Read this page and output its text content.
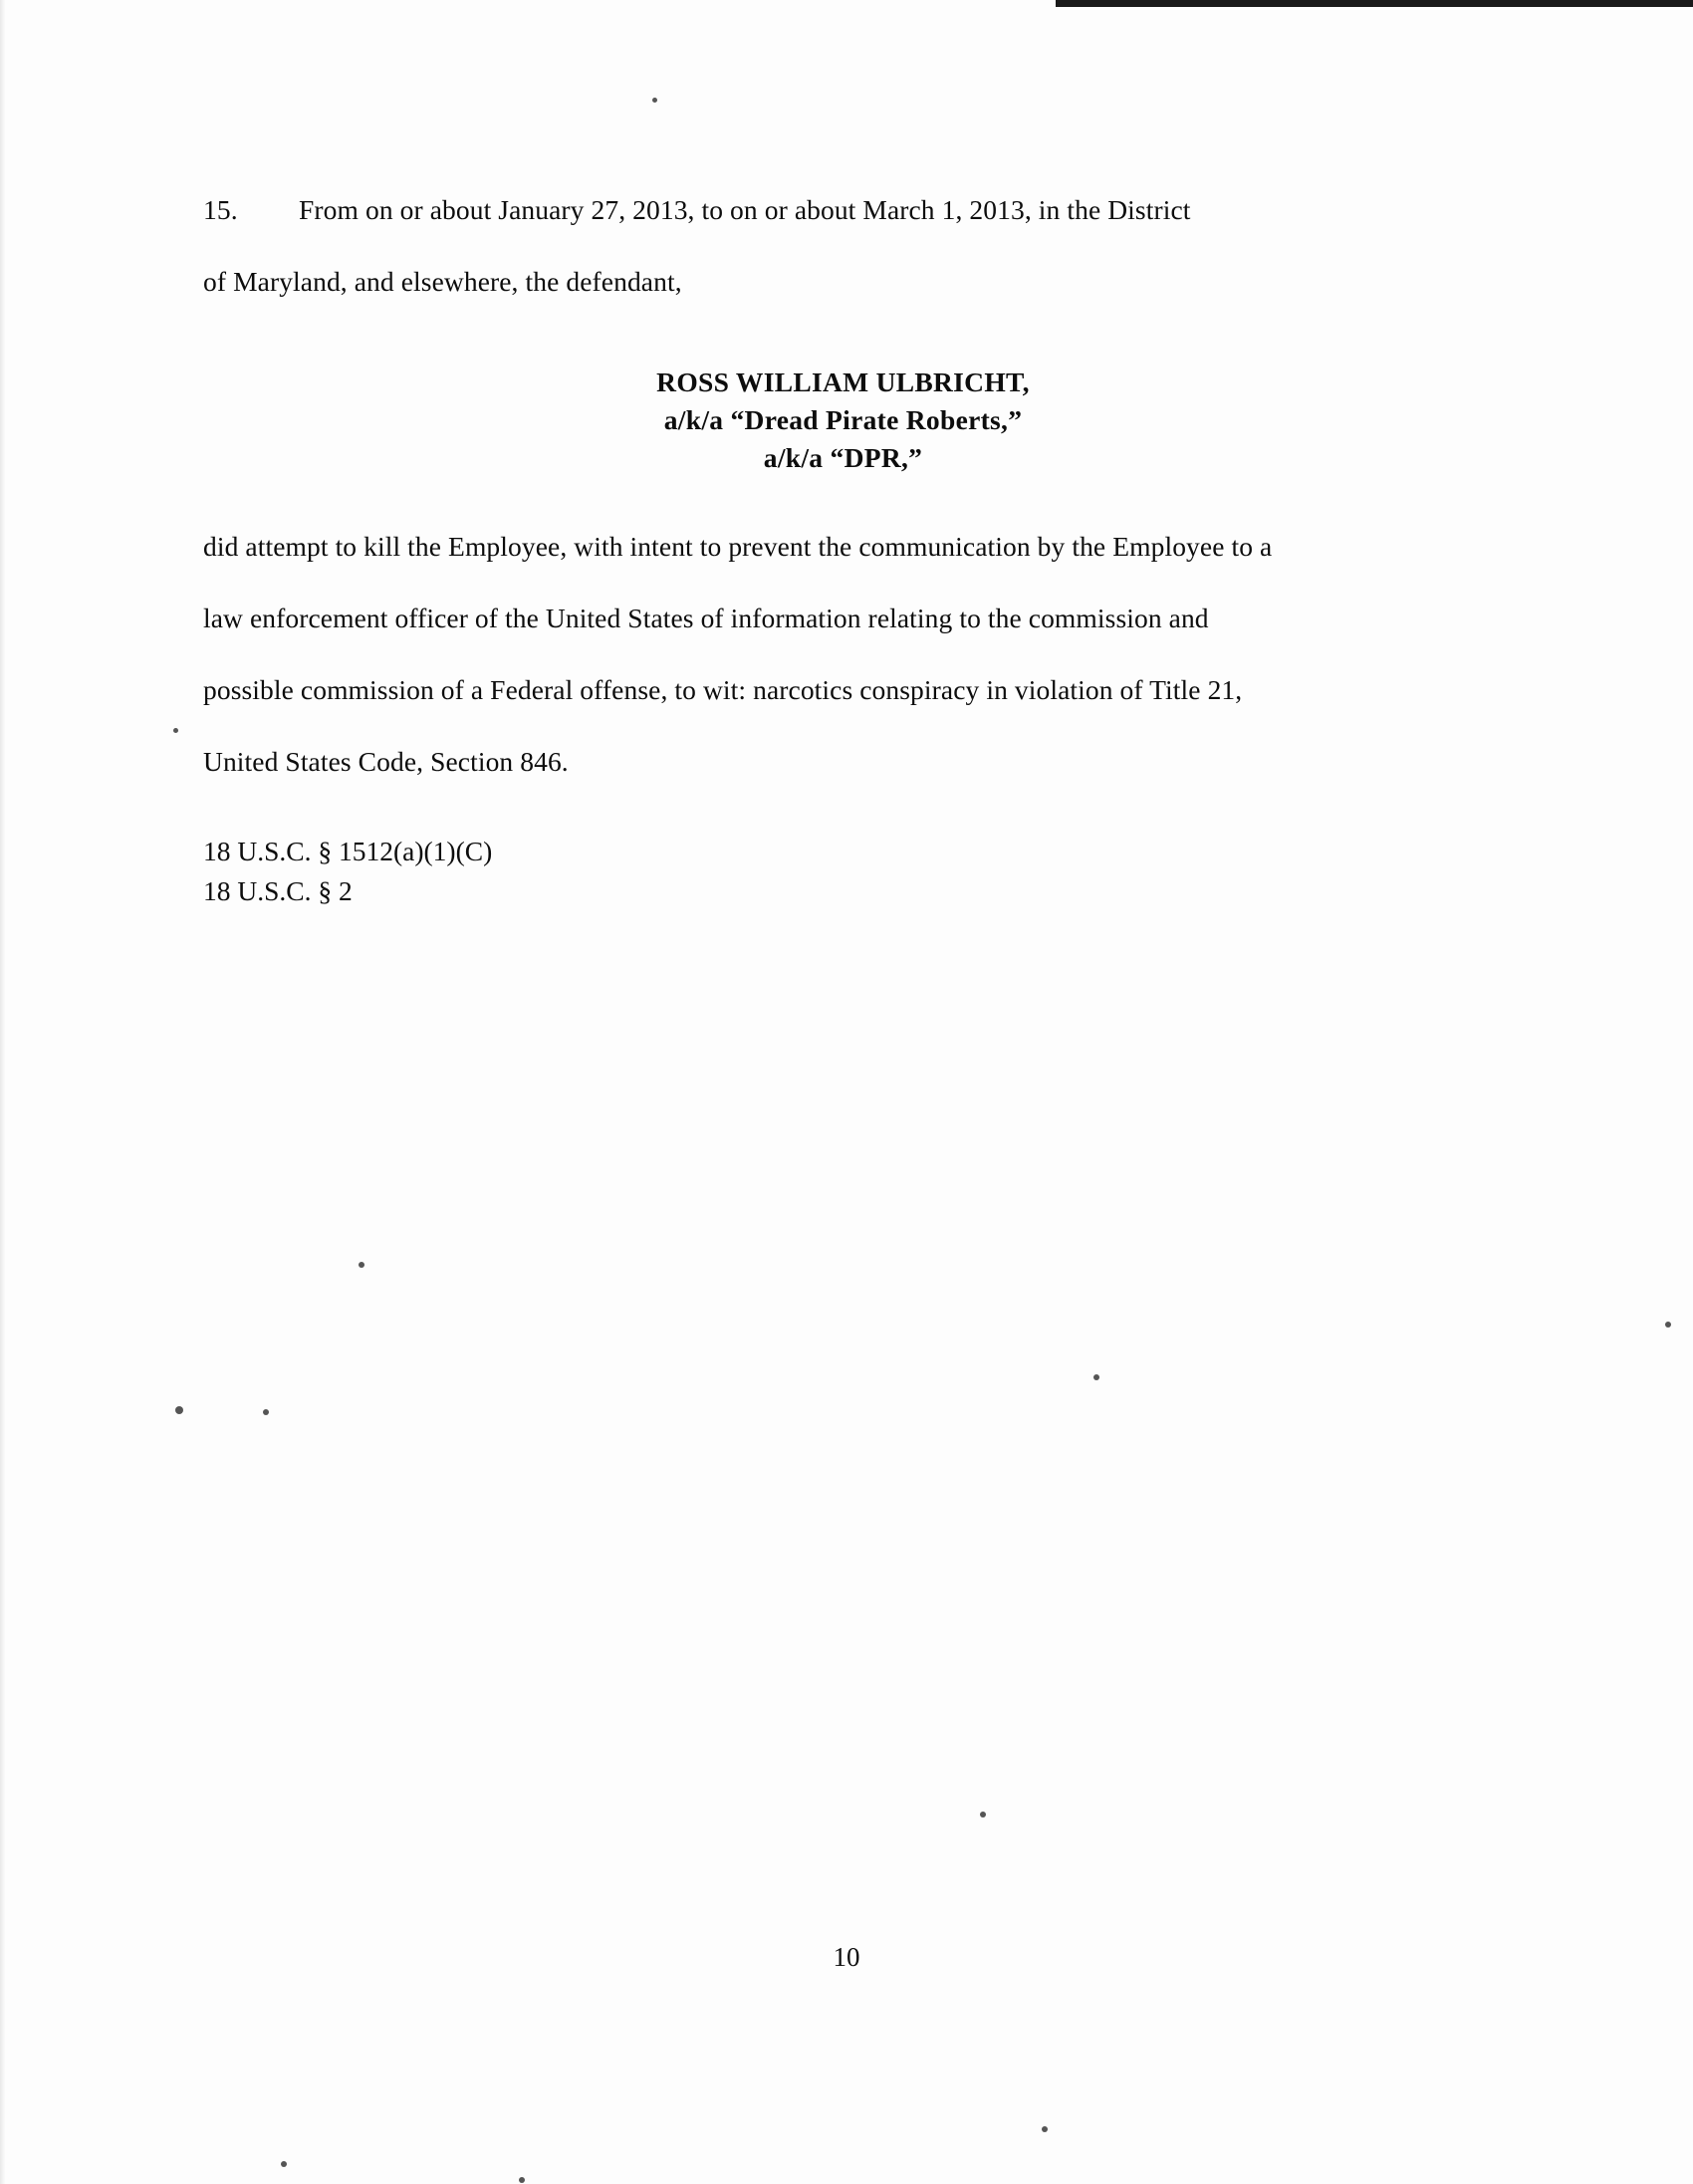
15. From on or about January 27, 2013, to on or about March 1, 2013, in the District

of Maryland, and elsewhere, the defendant,

ROSS WILLIAM ULBRICHT,
a/k/a “Dread Pirate Roberts,”
a/k/a “DPR,”

did attempt to kill the Employee, with intent to prevent the communication by the Employee to a

law enforcement officer of the United States of information relating to the commission and

possible commission of a Federal offense, to wit: narcotics conspiracy in violation of Title 21,

United States Code, Section 846.

18 U.S.C. § 1512(a)(1)(C)
18 U.S.C. § 2
10
